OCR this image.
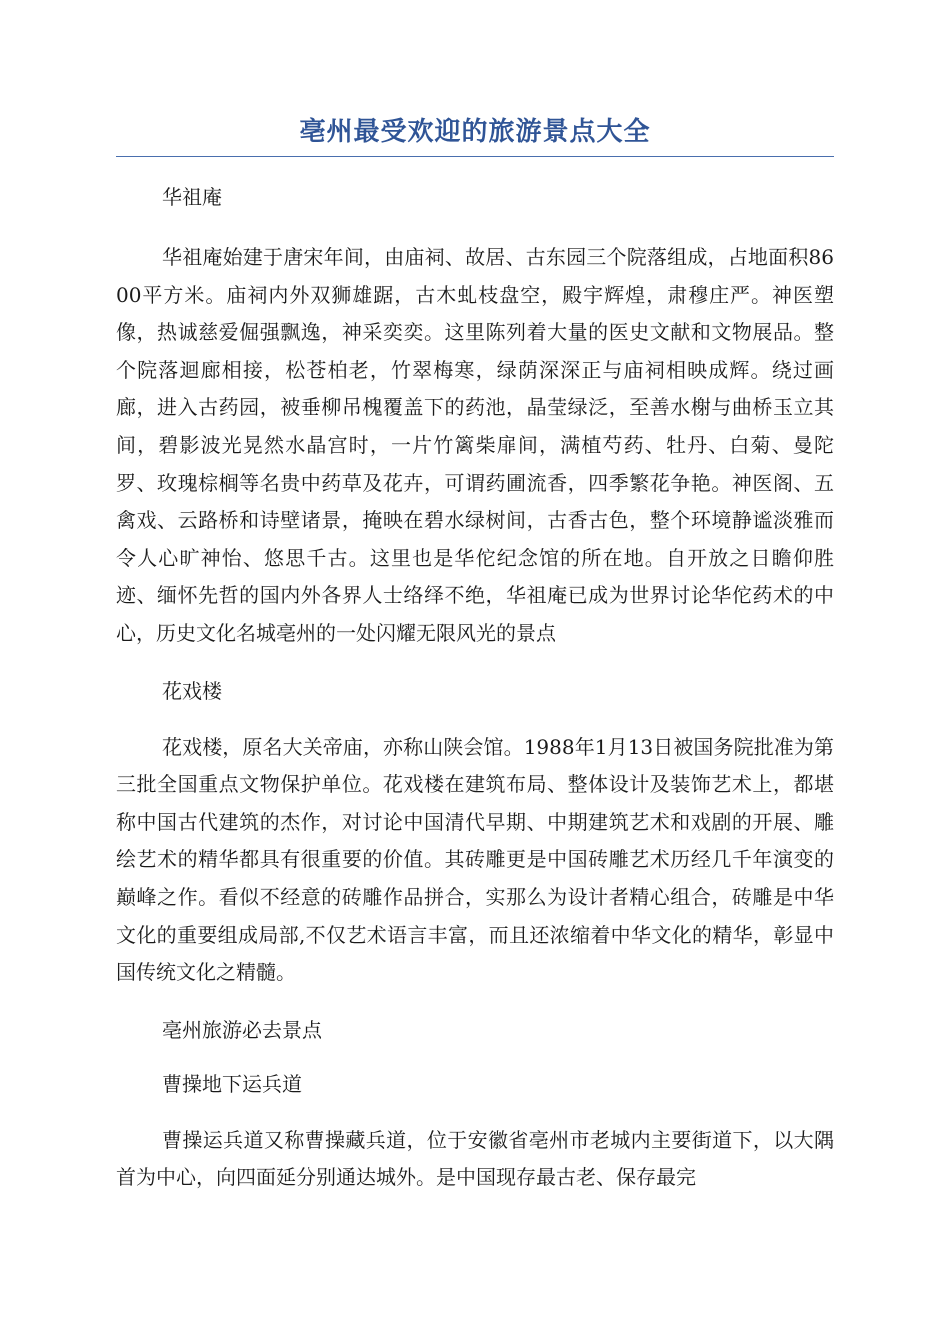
亳州最受欢迎的旅游景点大全

华祖庵

华祖庵始建于唐宋年间，由庙祠、故居、古东园三个院落组成，占地面积8600平方米。庙祠内外双狮雄踞，古木虬枝盘空，殿宇辉煌，肃穆庄严。神医塑像，热诚慈爱倔强飘逸，神采奕奕。这里陈列着大量的医史文献和文物展品。整个院落迴廊相接，松苍柏老，竹翠梅寒，绿荫深深正与庙祠相映成辉。绕过画廊，进入古药园，被垂柳吊槐覆盖下的药池，晶莹绿泛，至善水榭与曲桥玉立其间，碧影波光晃然水晶宫时，一片竹篱柴扉间，满植芍药、牡丹、白菊、曼陀罗、玫瑰棕榈等名贵中药草及花卉，可谓药圃流香，四季繁花争艳。神医阁、五禽戏、云路桥和诗壁诸景，掩映在碧水绿树间，古香古色，整个环境静谧淡雅而令人心旷神怡、悠思千古。这里也是华佗纪念馆的所在地。自开放之日瞻仰胜迹、缅怀先哲的国内外各界人士络绎不绝，华祖庵已成为世界讨论华佗药术的中心，历史文化名城亳州的一处闪耀无限风光的景点

花戏楼

花戏楼，原名大关帝庙，亦称山陕会馆。1988年1月13日被国务院批准为第三批全国重点文物保护单位。花戏楼在建筑布局、整体设计及装饰艺术上，都堪称中国古代建筑的杰作，对讨论中国清代早期、中期建筑艺术和戏剧的开展、雕绘艺术的精华都具有很重要的价值。其砖雕更是中国砖雕艺术历经几千年演变的巅峰之作。看似不经意的砖雕作品拼合，实那么为设计者精心组合，砖雕是中华文化的重要组成局部,不仅艺术语言丰富，而且还浓缩着中华文化的精华，彰显中国传统文化之精髓。

亳州旅游必去景点

曹操地下运兵道

曹操运兵道又称曹操藏兵道，位于安徽省亳州市老城内主要街道下，以大隅首为中心，向四面延分别通达城外。是中国现存最古老、保存最完
